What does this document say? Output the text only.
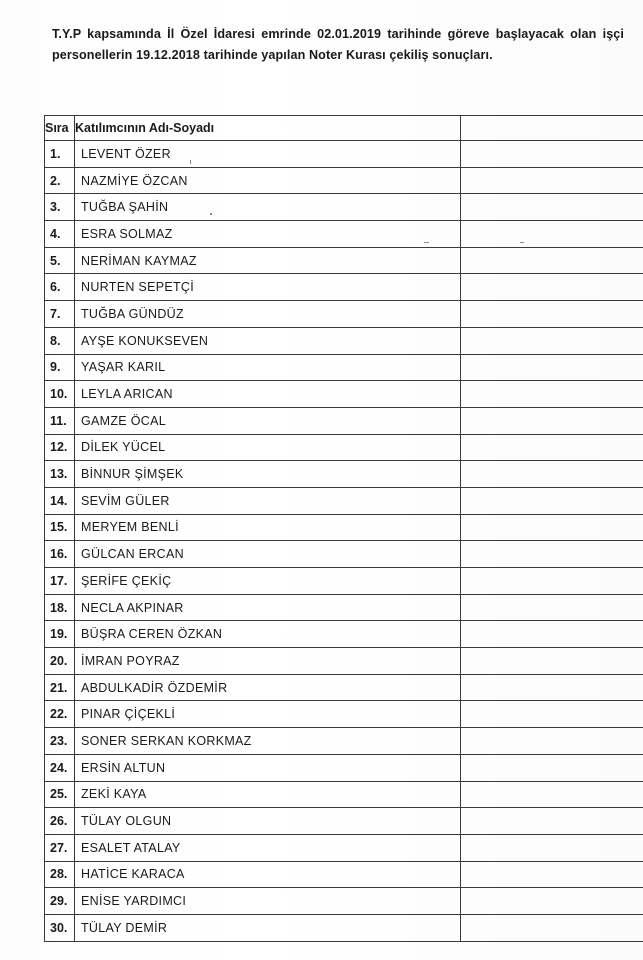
T.Y.P kapsamında İl Özel İdaresi emrinde 02.01.2019 tarihinde göreve başlayacak olan işçi
personellerin 19.12.2018 tarihinde yapılan Noter Kurası çekiliş sonuçları.
Sıra	Katılımcının Adı-Soyadı	
1.	LEVENT ÖZER	
2.	NAZMİYE ÖZCAN	
3.	TUĞBA ŞAHİN	
4.	ESRA SOLMAZ	
5.	NERİMAN KAYMAZ	
6.	NURTEN SEPETÇİ	
7.	TUĞBA GÜNDÜZ	
8.	AYŞE KONUKSEVEN	
9.	YAŞAR KARIL	
10.	LEYLA ARICAN	
11.	GAMZE ÖCAL	
12.	DİLEK YÜCEL	
13.	BİNNUR ŞİMŞEK	
14.	SEVİM GÜLER	
15.	MERYEM BENLİ	
16.	GÜLCAN ERCAN	
17.	ŞERİFE ÇEKİÇ	
18.	NECLA AKPINAR	
19.	BÜŞRA CEREN ÖZKAN	
20.	İMRAN POYRAZ	
21.	ABDULKADİR ÖZDEMİR	
22.	PINAR ÇİÇEKLİ	
23.	SONER SERKAN KORKMAZ	
24.	ERSİN ALTUN	
25.	ZEKİ KAYA	
26.	TÜLAY OLGUN	
27.	ESALET ATALAY	
28.	HATİCE KARACA	
29.	ENİSE YARDIMCI	
30.	TÜLAY DEMİR	
